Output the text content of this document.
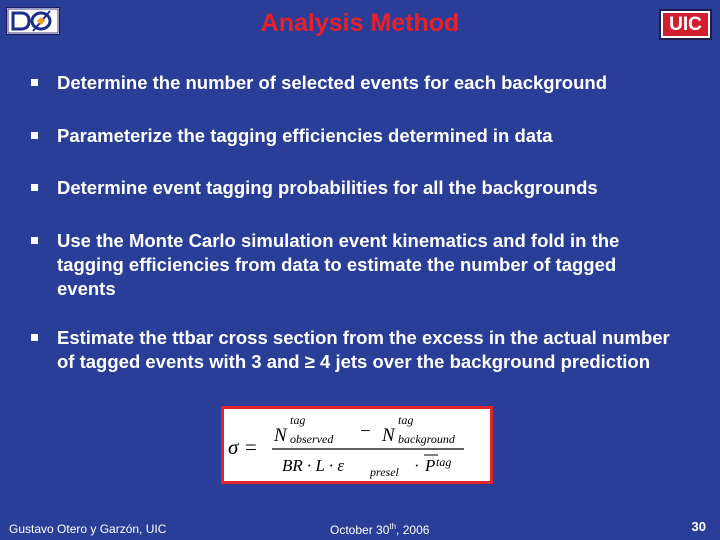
Analysis Method	UIC
Determine the number of selected events for each background
Parameterize the tagging efficiencies determined in data
Determine event tagging probabilities for all the backgrounds
Use the Monte Carlo simulation event kinematics and fold in the tagging efficiencies from data to estimate the number of tagged events
Estimate the ttbar cross section from the excess in the actual number of tagged events with 3 and ≥ 4 jets over the background prediction
σ = N
tag
observed − N
tag
background
BR · L · ε presel · P tag
Gustavo Otero y Garzón, UIC	October 30th, 2006	30
